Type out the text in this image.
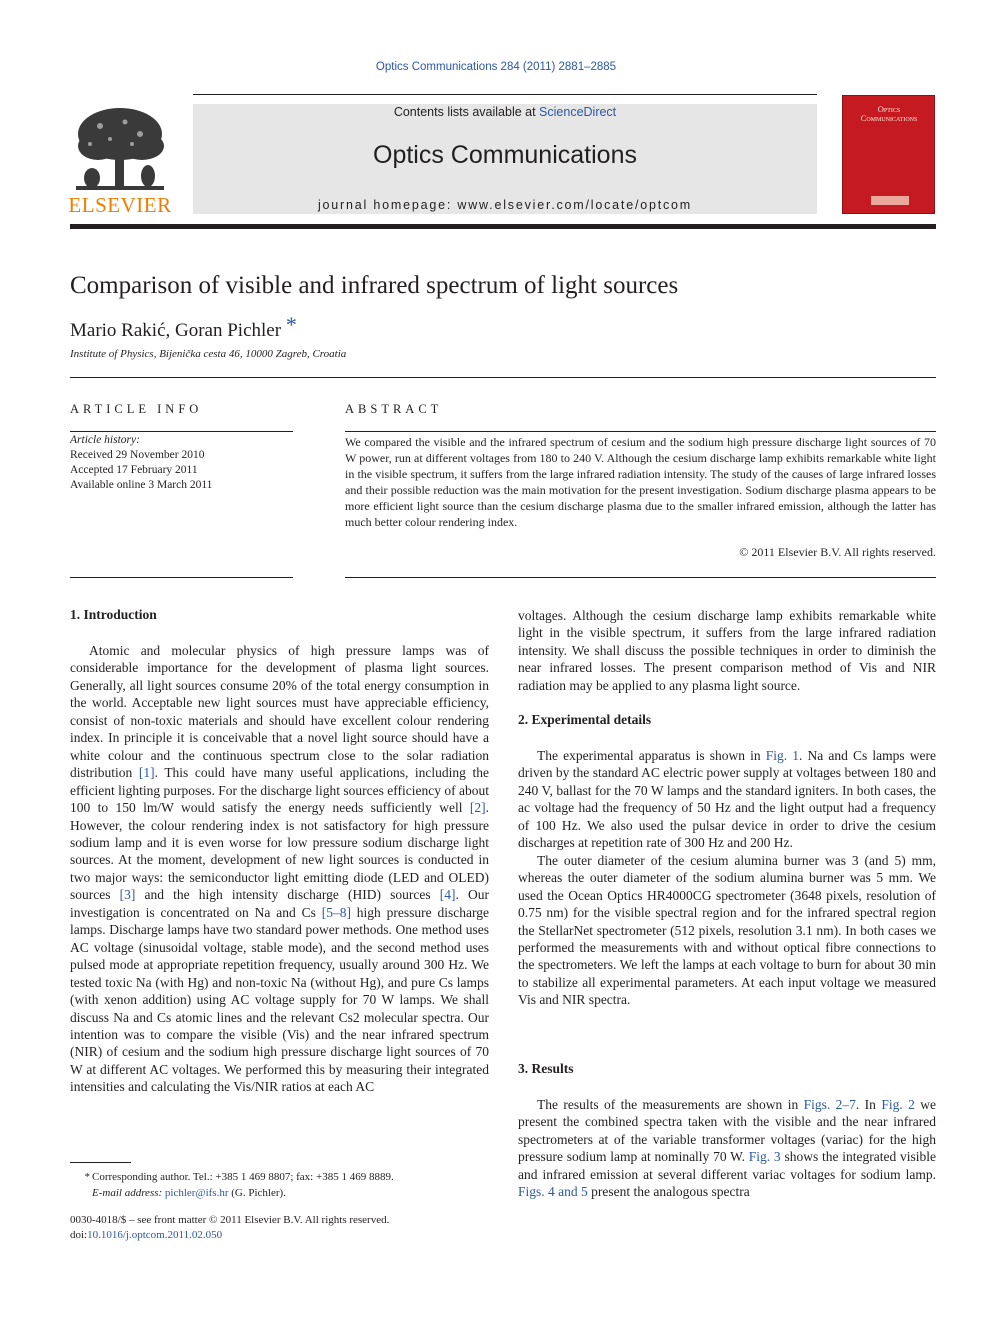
Optics Communications 284 (2011) 2881–2885
Contents lists available at ScienceDirect
Optics Communications
journal homepage: www.elsevier.com/locate/optcom
ELSEVIER
Optics
Communications
Comparison of visible and infrared spectrum of light sources
Mario Rakić, Goran Pichler *
Institute of Physics, Bijenička cesta 46, 10000 Zagreb, Croatia
ARTICLE INFO	ABSTRACT
Article history:
Received 29 November 2010
Accepted 17 February 2011
Available online 3 March 2011
We compared the visible and the infrared spectrum of cesium and the sodium high pressure discharge light sources of 70 W power, run at different voltages from 180 to 240 V. Although the cesium discharge lamp exhibits remarkable white light in the visible spectrum, it suffers from the large infrared radiation intensity. The study of the causes of large infrared losses and their possible reduction was the main motivation for the present investigation. Sodium discharge plasma appears to be more efficient light source than the cesium discharge plasma due to the smaller infrared emission, although the latter has much better colour rendering index.
© 2011 Elsevier B.V. All rights reserved.
1. Introduction

Atomic and molecular physics of high pressure lamps was of considerable importance for the development of plasma light sources. Generally, all light sources consume 20% of the total energy consumption in the world. Acceptable new light sources must have appreciable efficiency, consist of non-toxic materials and should have excellent colour rendering index. In principle it is conceivable that a novel light source should have a white colour and the continuous spectrum close to the solar radiation distribution [1]. This could have many useful applications, including the efficient lighting purposes. For the discharge light sources efficiency of about 100 to 150 lm/W would satisfy the energy needs sufficiently well [2]. However, the colour rendering index is not satisfactory for high pressure sodium lamp and it is even worse for low pressure sodium discharge light sources. At the moment, development of new light sources is conducted in two major ways: the semiconductor light emitting diode (LED and OLED) sources [3] and the high intensity discharge (HID) sources [4]. Our investigation is concentrated on Na and Cs [5–8] high pressure discharge lamps. Discharge lamps have two standard power methods. One method uses AC voltage (sinusoidal voltage, stable mode), and the second method uses pulsed mode at appropriate repetition frequency, usually around 300 Hz. We tested toxic Na (with Hg) and non-toxic Na (without Hg), and pure Cs lamps (with xenon addition) using AC voltage supply for 70 W lamps. We shall discuss Na and Cs atomic lines and the relevant Cs2 molecular spectra. Our intention was to compare the visible (Vis) and the near infrared spectrum (NIR) of cesium and the sodium high pressure discharge light sources of 70 W at different AC voltages. We performed this by measuring their integrated intensities and calculating the Vis/NIR ratios at each AC

voltages. Although the cesium discharge lamp exhibits remarkable white light in the visible spectrum, it suffers from the large infrared radiation intensity. We shall discuss the possible techniques in order to diminish the near infrared losses. The present comparison method of Vis and NIR radiation may be applied to any plasma light source.
2. Experimental details

The experimental apparatus is shown in Fig. 1. Na and Cs lamps were driven by the standard AC electric power supply at voltages between 180 and 240 V, ballast for the 70 W lamps and the standard igniters. In both cases, the ac voltage had the frequency of 50 Hz and the light output had a frequency of 100 Hz. We also used the pulsar device in order to drive the cesium discharges at repetition rate of 300 Hz and 200 Hz.

The outer diameter of the cesium alumina burner was 3 (and 5) mm, whereas the outer diameter of the sodium alumina burner was 5 mm. We used the Ocean Optics HR4000CG spectrometer (3648 pixels, resolution of 0.75 nm) for the visible spectral region and for the infrared spectral region the StellarNet spectrometer (512 pixels, resolution 3.1 nm). In both cases we performed the measurements with and without optical fibre connections to the spectrometers. We left the lamps at each voltage to burn for about 30 min to stabilize all experimental parameters. At each input voltage we measured Vis and NIR spectra.

3. Results

The results of the measurements are shown in Figs. 2–7. In Fig. 2 we present the combined spectra taken with the visible and the near infrared spectrometers at of the variable transformer voltages (variac) for the high pressure sodium lamp at nominally 70 W. Fig. 3 shows the integrated visible and infrared emission at several different variac voltages for sodium lamp. Figs. 4 and 5 present the analogous spectra

* Corresponding author. Tel.: +385 1 469 8807; fax: +385 1 469 8889.
E-mail address: pichler@ifs.hr (G. Pichler).
0030-4018/$ – see front matter © 2011 Elsevier B.V. All rights reserved.
doi:10.1016/j.optcom.2011.02.050
